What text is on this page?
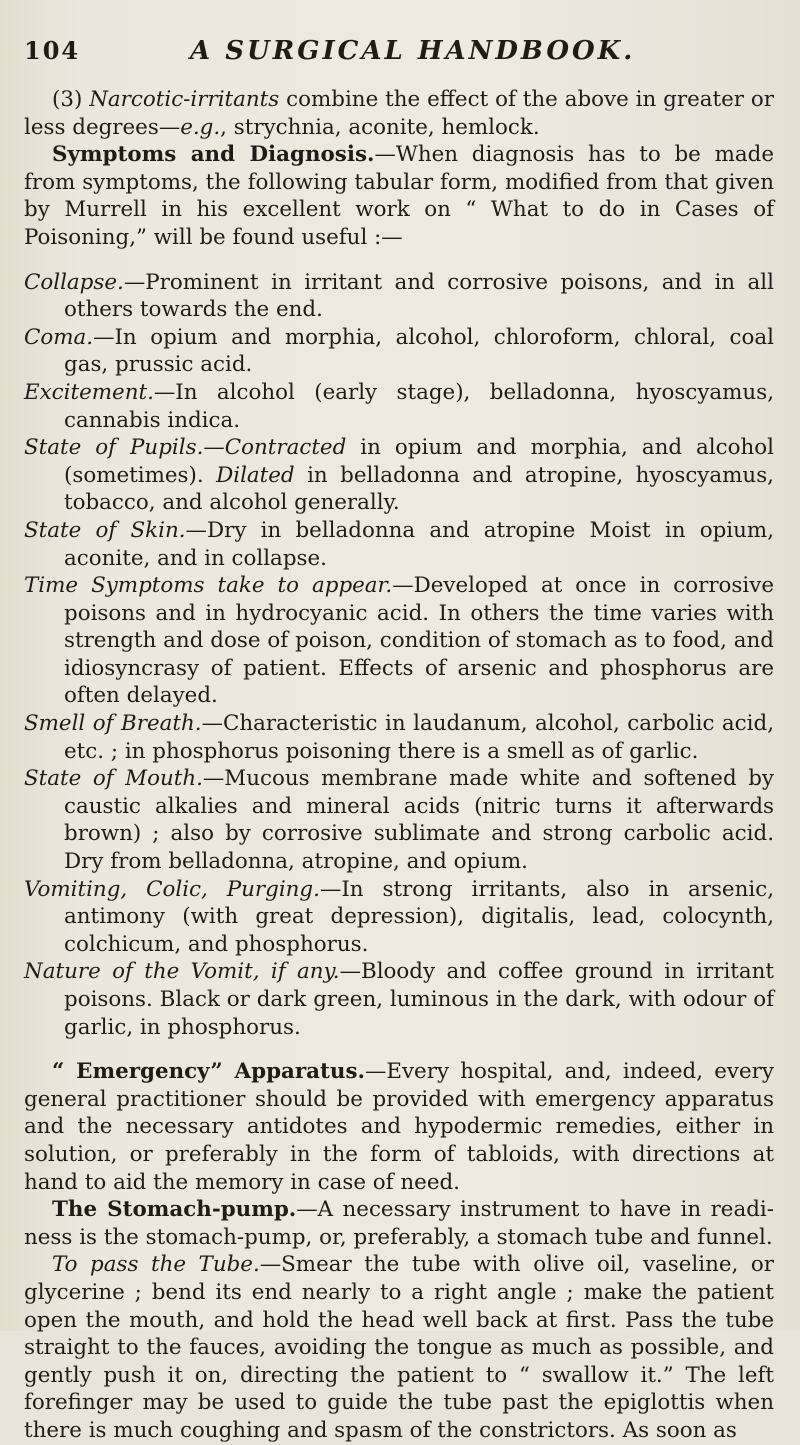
104	A SURGICAL HANDBOOK.

(3) Narcotic-irritants combine the effect of the above in greater or less degrees—e.g., strychnia, aconite, hemlock.

Symptoms and Diagnosis.—When diagnosis has to be made from symptoms, the following tabular form, modified from that given by Murrell in his excellent work on “ What to do in Cases of Poisoning,” will be found useful :—

Collapse.—Prominent in irritant and corrosive poisons, and in all others towards the end.

Coma.—In opium and morphia, alcohol, chloroform, chloral, coal gas, prussic acid.

Excitement.—In alcohol (early stage), belladonna, hyoscyamus, cannabis indica.

State of Pupils.—Contracted in opium and morphia, and alcohol (sometimes). Dilated in belladonna and atropine, hyoscyamus, tobacco, and alcohol generally.

State of Skin.—Dry in belladonna and atropine Moist in opium, aconite, and in collapse.

Time Symptoms take to appear.—Developed at once in corrosive poisons and in hydrocyanic acid. In others the time varies with strength and dose of poison, condition of stomach as to food, and idiosyncrasy of patient. Effects of arsenic and phosphorus are often delayed.

Smell of Breath.—Characteristic in laudanum, alcohol, carbolic acid, etc. ; in phosphorus poisoning there is a smell as of garlic.

State of Mouth.—Mucous membrane made white and softened by caustic alkalies and mineral acids (nitric turns it afterwards brown) ; also by corrosive sublimate and strong carbolic acid. Dry from belladonna, atropine, and opium.

Vomiting, Colic, Purging.—In strong irritants, also in arsenic, antimony (with great depression), digitalis, lead, colocynth, colchicum, and phosphorus.

Nature of the Vomit, if any.—Bloody and coffee ground in irritant poisons. Black or dark green, luminous in the dark, with odour of garlic, in phosphorus.

“ Emergency” Apparatus.—Every hospital, and, indeed, every general practitioner should be provided with emergency apparatus and the necessary antidotes and hypodermic remedies, either in solution, or preferably in the form of tabloids, with directions at hand to aid the memory in case of need.

The Stomach-pump.—A necessary instrument to have in readiness is the stomach-pump, or, preferably, a stomach tube and funnel.

To pass the Tube.—Smear the tube with olive oil, vaseline, or glycerine ; bend its end nearly to a right angle ; make the patient open the mouth, and hold the head well back at first. Pass the tube straight to the fauces, avoiding the tongue as much as possible, and gently push it on, directing the patient to “ swallow it.” The left forefinger may be used to guide the tube past the epiglottis when there is much coughing and spasm of the constrictors. As soon as
